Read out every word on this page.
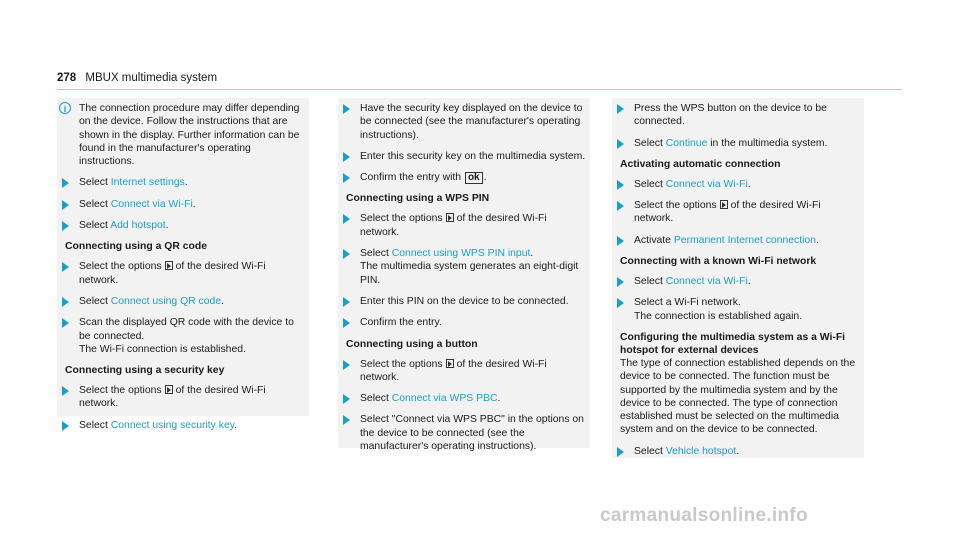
278 MBUX multimedia system
i	The connection procedure may differ depending on the device. Follow the instructions that are shown in the display. Further information can be found in the manufacturer's operating instructions.
Select Internet settings.
Select Connect via Wi-Fi.
Select Add hotspot.
Connecting using a QR code
Select the options of the desired Wi-Fi network.
Select Connect using QR code.
Scan the displayed QR code with the device to be connected.
The Wi-Fi connection is established.
Connecting using a security key
Select the options of the desired Wi-Fi network.
Select Connect using security key.
Have the security key displayed on the device to be connected (see the manufacturer's operating instructions).
Enter this security key on the multimedia system.
Confirm the entry with ok .
Connecting using a WPS PIN
Select the options of the desired Wi-Fi network.
Select Connect using WPS PIN input.
The multimedia system generates an eight-digit PIN.
Enter this PIN on the device to be connected.
Confirm the entry.
Connecting using a button
Select the options of the desired Wi-Fi network.
Select Connect via WPS PBC.
Select "Connect via WPS PBC" in the options on the device to be connected (see the manufacturer's operating instructions).
Press the WPS button on the device to be connected.
Select Continue in the multimedia system.
Activating automatic connection
Select Connect via Wi-Fi.
Select the options of the desired Wi-Fi network.
Activate Permanent Internet connection.
Connecting with a known Wi-Fi network
Select Connect via Wi-Fi.
Select a Wi-Fi network.
The connection is established again.
Configuring the multimedia system as a Wi-Fi hotspot for external devices
The type of connection established depends on the device to be connected. The function must be supported by the multimedia system and by the device to be connected. The type of connection established must be selected on the multimedia system and on the device to be connected.
Select Vehicle hotspot.
carmanualsonline.info
